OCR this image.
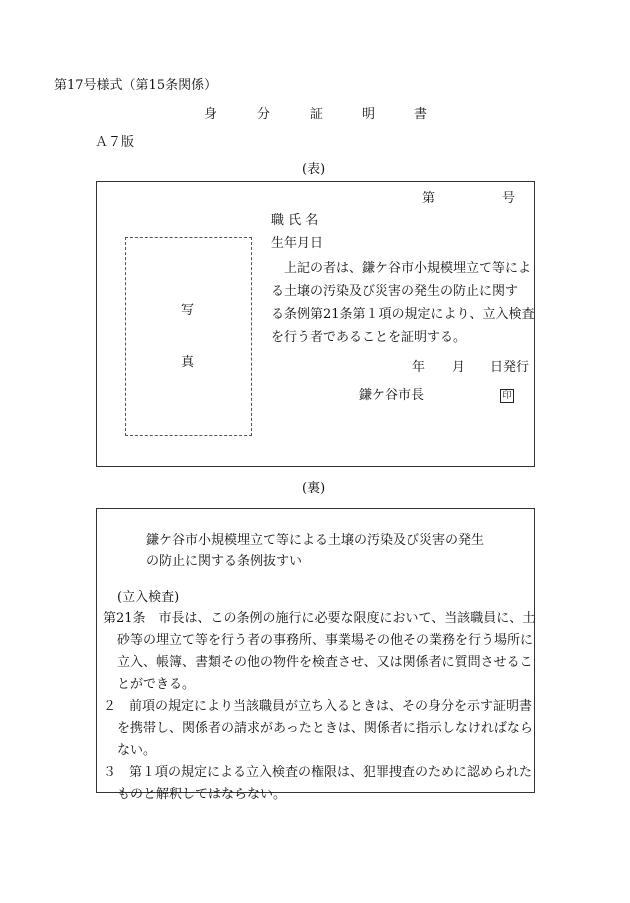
第17号様式（第15条関係）
身	分	証	明	書
Ａ７版
(表)
第	号
写
真
職 氏 名
生年月日
　上記の者は、鎌ケ谷市小規模埋立て等によ
る土壌の汚染及び災害の発生の防止に関す
る条例第21条第１項の規定により、立入検査
を行う者であることを証明する。
年 月 日発行
鎌ケ谷市長	印
(裏)
鎌ケ谷市小規模埋立て等による土壌の汚染及び災害の発生
の防止に関する条例抜すい
(立入検査)
第21条　市長は、この条例の施行に必要な限度において、当該職員に、土
砂等の埋立て等を行う者の事務所、事業場その他その業務を行う場所に
立入、帳簿、書類その他の物件を検査させ、又は関係者に質問させるこ
とができる。
２　前項の規定により当該職員が立ち入るときは、その身分を示す証明書
を携帯し、関係者の請求があったときは、関係者に指示しなければなら
ない。
３　第１項の規定による立入検査の権限は、犯罪捜査のために認められた
ものと解釈してはならない。
